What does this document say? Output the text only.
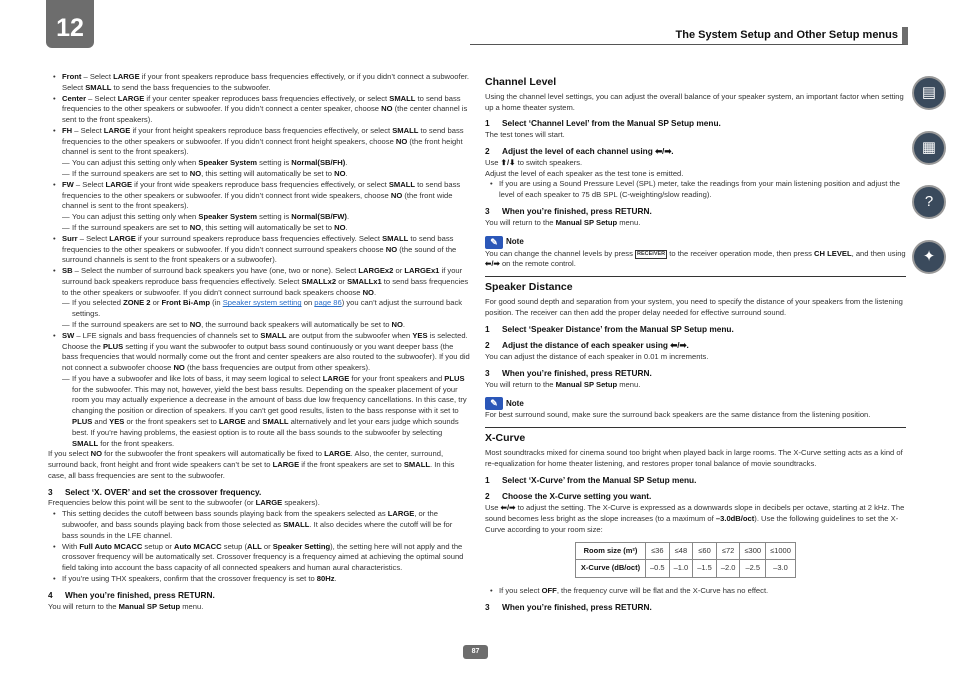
12	The System Setup and Other Setup menus
• Front – Select LARGE if your front speakers reproduce bass frequencies effectively, or if you didn’t connect a subwoofer. Select SMALL to send the bass frequencies to the subwoofer.
• Center – Select LARGE if your center speaker reproduces bass frequencies effectively, or select SMALL to send bass frequencies to the other speakers or subwoofer. If you didn’t connect a center speaker, choose NO (the center channel is sent to the front speakers).
• FH – Select LARGE if your front height speakers reproduce bass frequencies effectively, or select SMALL to send bass frequencies to the other speakers or subwoofer. If you didn’t connect front height speakers, choose NO (the front height channel is sent to the front speakers).
— You can adjust this setting only when Speaker System setting is Normal(SB/FH).
— If the surround speakers are set to NO, this setting will automatically be set to NO.
• FW – Select LARGE if your front wide speakers reproduce bass frequencies effectively, or select SMALL to send bass frequencies to the other speakers or subwoofer. If you didn’t connect front wide speakers, choose NO (the front wide channel is sent to the front speakers).
— You can adjust this setting only when Speaker System setting is Normal(SB/FW).
— If the surround speakers are set to NO, this setting will automatically be set to NO.
• Surr – Select LARGE if your surround speakers reproduce bass frequencies effectively. Select SMALL to send bass frequencies to the other speakers or subwoofer. If you didn’t connect surround speakers choose NO (the sound of the surround channels is sent to the front speakers or a subwoofer).
• SB – Select the number of surround back speakers you have (one, two or none). Select LARGEx2 or LARGEx1 if your surround back speakers reproduce bass frequencies effectively. Select SMALLx2 or SMALLx1 to send bass frequencies to the other speakers or subwoofer. If you didn’t connect surround back speakers choose NO.
— If you selected ZONE 2 or Front Bi-Amp (in Speaker system setting on page 86) you can’t adjust the surround back settings.
— If the surround speakers are set to NO, the surround back speakers will automatically be set to NO.
• SW – LFE signals and bass frequencies of channels set to SMALL are output from the subwoofer when YES is selected. Choose the PLUS setting if you want the subwoofer to output bass sound continuously or you want deeper bass (the bass frequencies that would normally come out the front and center speakers are also routed to the subwoofer). If you did not connect a subwoofer choose NO (the bass frequencies are output from other speakers).
— If you have a subwoofer and like lots of bass, it may seem logical to select LARGE for your front speakers and PLUS for the subwoofer. This may not, however, yield the best bass results. Depending on the speaker placement of your room you may actually experience a decrease in the amount of bass due low frequency cancellations. In this case, try changing the position or direction of speakers. If you can’t get good results, listen to the bass response with it set to PLUS and YES or the front speakers set to LARGE and SMALL alternatively and let your ears judge which sounds best. If you’re having problems, the easiest option is to route all the bass sounds to the subwoofer by selecting SMALL for the front speakers.
If you select NO for the subwoofer the front speakers will automatically be fixed to LARGE. Also, the center, surround, surround back, front height and front wide speakers can’t be set to LARGE if the front speakers are set to SMALL. In this case, all bass frequencies are sent to the subwoofer.
3	Select ‘X. OVER’ and set the crossover frequency.
Frequencies below this point will be sent to the subwoofer (or LARGE speakers).
• This setting decides the cutoff between bass sounds playing back from the speakers selected as LARGE, or the subwoofer, and bass sounds playing back from those selected as SMALL. It also decides where the cutoff will be for bass sounds in the LFE channel.
• With Full Auto MCACC setup or Auto MCACC setup (ALL or Speaker Setting), the setting here will not apply and the crossover frequency will be automatically set. Crossover frequency is a frequency aimed at achieving the optimal sound field taking into account the bass capacity of all connected speakers and human aural characteristics.
• If you’re using THX speakers, confirm that the crossover frequency is set to 80Hz.
4	When you’re finished, press RETURN.
You will return to the Manual SP Setup menu.
Channel Level
Using the channel level settings, you can adjust the overall balance of your speaker system, an important factor when setting up a home theater system.
1	Select ‘Channel Level’ from the Manual SP Setup menu.
The test tones will start.
2	Adjust the level of each channel using ⬅/➡.
Use ⬆/⬇ to switch speakers.
Adjust the level of each speaker as the test tone is emitted.
• If you are using a Sound Pressure Level (SPL) meter, take the readings from your main listening position and adjust the level of each speaker to 75 dB SPL (C-weighting/slow reading).
3	When you’re finished, press RETURN.
You will return to the Manual SP Setup menu.
✎	Note
You can change the channel levels by press RECEIVER to the receiver operation mode, then press CH LEVEL, and then using ⬅/➡ on the remote control.
Speaker Distance
For good sound depth and separation from your system, you need to specify the distance of your speakers from the listening position. The receiver can then add the proper delay needed for effective surround sound.
1	Select ‘Speaker Distance’ from the Manual SP Setup menu.
2	Adjust the distance of each speaker using ⬅/➡.
You can adjust the distance of each speaker in 0.01 m increments.
3	When you’re finished, press RETURN.
You will return to the Manual SP Setup menu.
✎	Note
For best surround sound, make sure the surround back speakers are the same distance from the listening position.
X-Curve
Most soundtracks mixed for cinema sound too bright when played back in large rooms. The X-Curve setting acts as a kind of re-equalization for home theater listening, and restores proper tonal balance of movie soundtracks.
1	Select ‘X-Curve’ from the Manual SP Setup menu.
2	Choose the X-Curve setting you want.
Use ⬅/➡ to adjust the setting. The X-Curve is expressed as a downwards slope in decibels per octave, starting at 2 kHz. The sound becomes less bright as the slope increases (to a maximum of –3.0dB/oct). Use the following guidelines to set the X-Curve according to your room size:
Room size (m²)	≤36	≤48	≤60	≤72	≤300	≤1000
X-Curve (dB/oct)	–0.5	–1.0	–1.5	–2.0	–2.5	–3.0
• If you select OFF, the frequency curve will be flat and the X-Curve has no effect.
3	When you’re finished, press RETURN.
▤
▦
?
✦
87
